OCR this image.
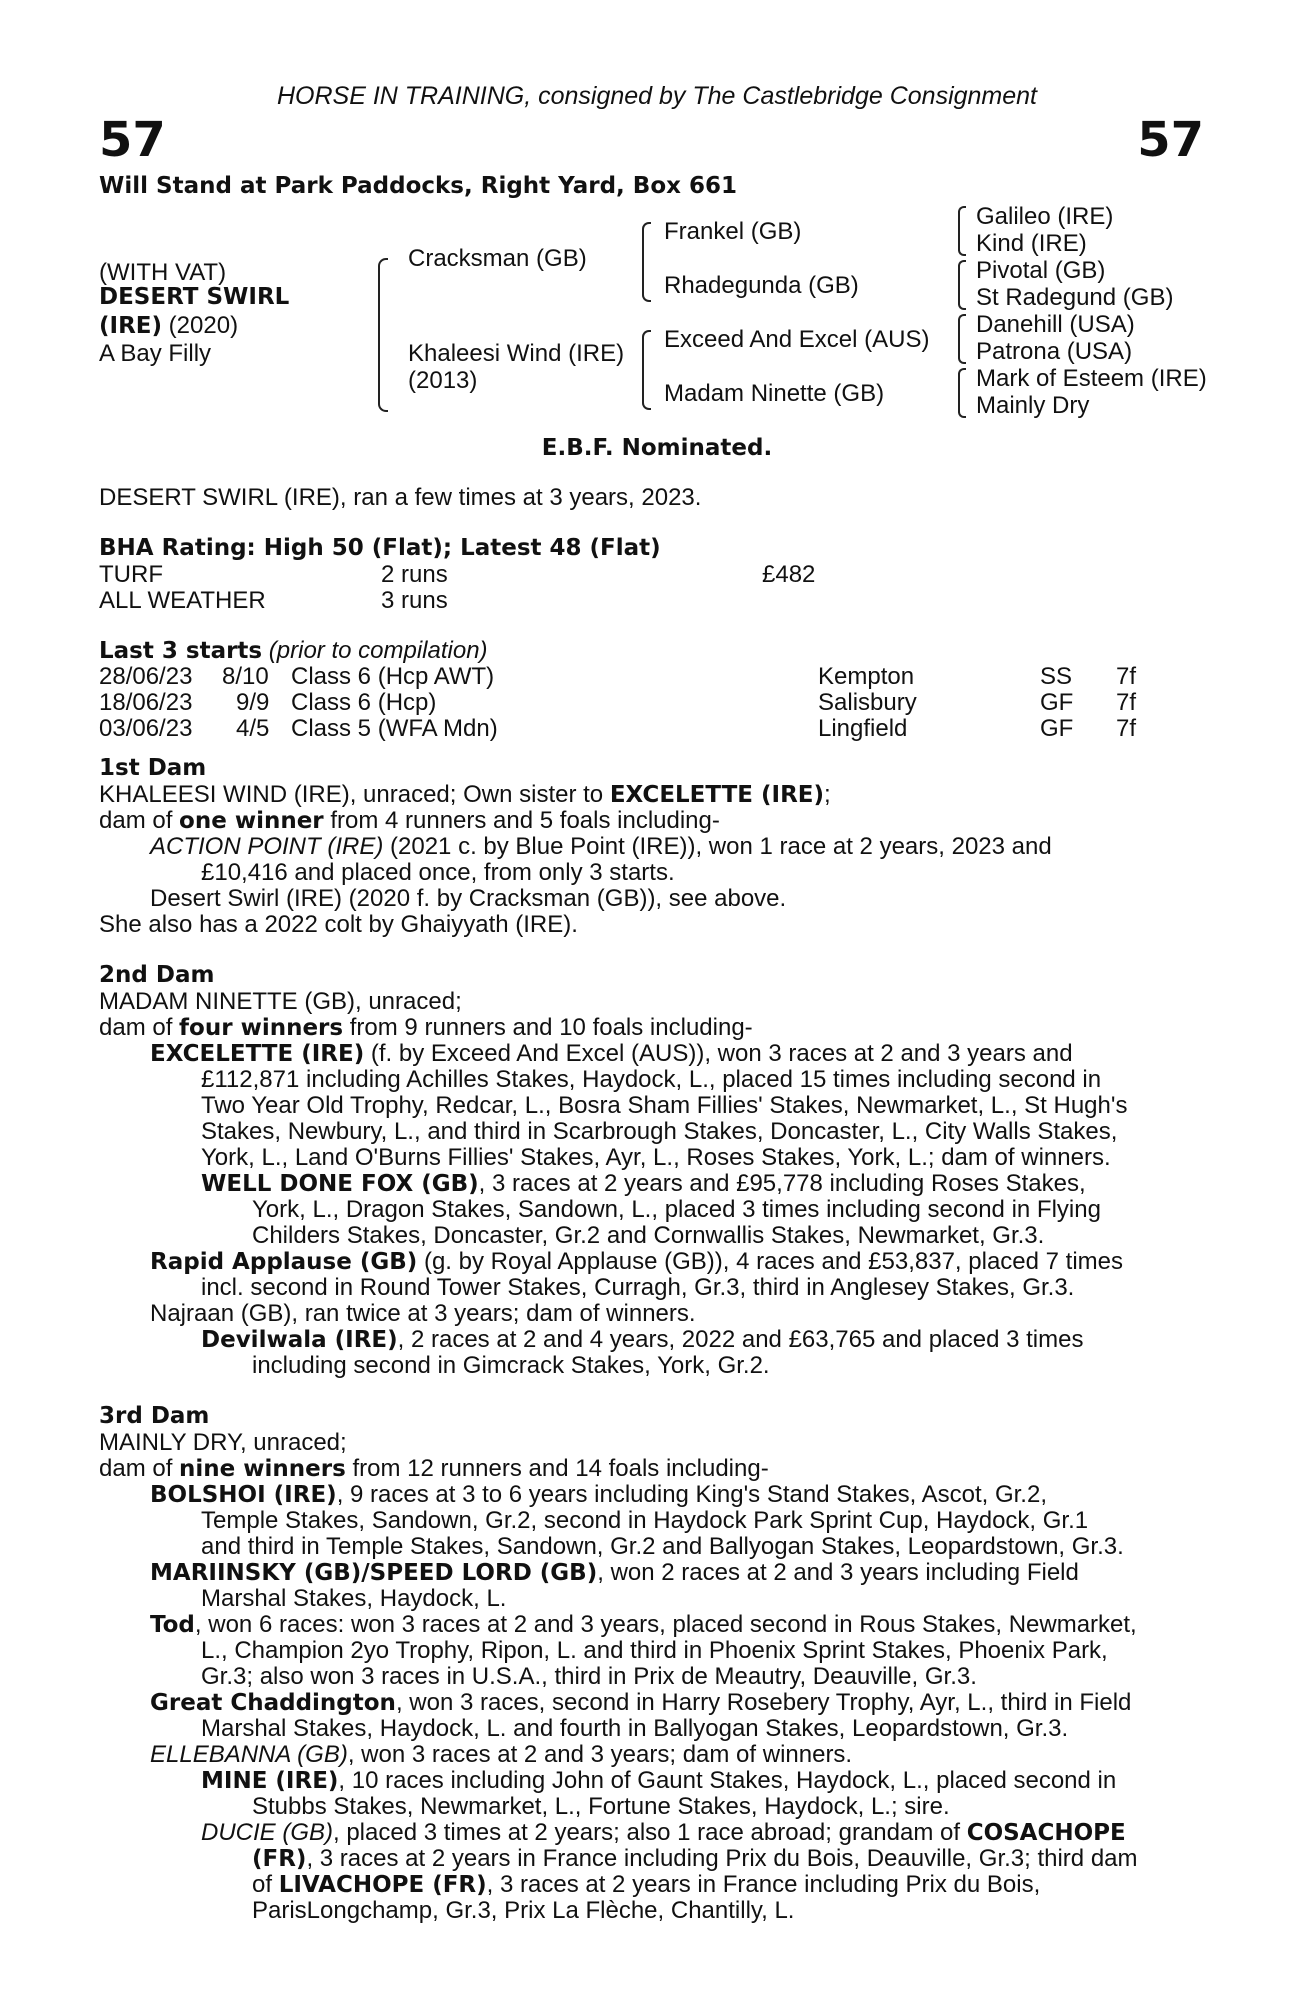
HORSE IN TRAINING, consigned by The Castlebridge Consignment
57	57
Will Stand at Park Paddocks, Right Yard, Box 661
(WITH VAT)
DESERT SWIRL
(IRE) (2020)
A Bay Filly
Cracksman (GB)
Khaleesi Wind (IRE)
(2013)
Frankel (GB)
Rhadegunda (GB)
Exceed And Excel (AUS)
Madam Ninette (GB)
Galileo (IRE)
Kind (IRE)
Pivotal (GB)
St Radegund (GB)
Danehill (USA)
Patrona (USA)
Mark of Esteem (IRE)
Mainly Dry
E.B.F. Nominated.
DESERT SWIRL (IRE), ran a few times at 3 years, 2023.
BHA Rating: High 50 (Flat); Latest 48 (Flat)
TURF	2 runs	£482
ALL WEATHER	3 runs
Last 3 starts (prior to compilation)
28/06/23 8/10 Class 6 (Hcp AWT)	Kempton	SS 7f
18/06/23 9/9 Class 6 (Hcp)	Salisbury	GF 7f
03/06/23 4/5 Class 5 (WFA Mdn)	Lingfield	GF 7f
1st Dam
KHALEESI WIND (IRE), unraced; Own sister to EXCELETTE (IRE);
dam of one winner from 4 runners and 5 foals including-
ACTION POINT (IRE) (2021 c. by Blue Point (IRE)), won 1 race at 2 years, 2023 and
£10,416 and placed once, from only 3 starts.
Desert Swirl (IRE) (2020 f. by Cracksman (GB)), see above.
She also has a 2022 colt by Ghaiyyath (IRE).
2nd Dam
MADAM NINETTE (GB), unraced;
dam of four winners from 9 runners and 10 foals including-
EXCELETTE (IRE) (f. by Exceed And Excel (AUS)), won 3 races at 2 and 3 years and
£112,871 including Achilles Stakes, Haydock, L., placed 15 times including second in
Two Year Old Trophy, Redcar, L., Bosra Sham Fillies' Stakes, Newmarket, L., St Hugh's
Stakes, Newbury, L., and third in Scarbrough Stakes, Doncaster, L., City Walls Stakes,
York, L., Land O'Burns Fillies' Stakes, Ayr, L., Roses Stakes, York, L.; dam of winners.
WELL DONE FOX (GB), 3 races at 2 years and £95,778 including Roses Stakes,
York, L., Dragon Stakes, Sandown, L., placed 3 times including second in Flying
Childers Stakes, Doncaster, Gr.2 and Cornwallis Stakes, Newmarket, Gr.3.
Rapid Applause (GB) (g. by Royal Applause (GB)), 4 races and £53,837, placed 7 times
incl. second in Round Tower Stakes, Curragh, Gr.3, third in Anglesey Stakes, Gr.3.
Najraan (GB), ran twice at 3 years; dam of winners.
Devilwala (IRE), 2 races at 2 and 4 years, 2022 and £63,765 and placed 3 times
including second in Gimcrack Stakes, York, Gr.2.
3rd Dam
MAINLY DRY, unraced;
dam of nine winners from 12 runners and 14 foals including-
BOLSHOI (IRE), 9 races at 3 to 6 years including King's Stand Stakes, Ascot, Gr.2,
Temple Stakes, Sandown, Gr.2, second in Haydock Park Sprint Cup, Haydock, Gr.1
and third in Temple Stakes, Sandown, Gr.2 and Ballyogan Stakes, Leopardstown, Gr.3.
MARIINSKY (GB)/SPEED LORD (GB), won 2 races at 2 and 3 years including Field
Marshal Stakes, Haydock, L.
Tod, won 6 races: won 3 races at 2 and 3 years, placed second in Rous Stakes, Newmarket,
L., Champion 2yo Trophy, Ripon, L. and third in Phoenix Sprint Stakes, Phoenix Park,
Gr.3; also won 3 races in U.S.A., third in Prix de Meautry, Deauville, Gr.3.
Great Chaddington, won 3 races, second in Harry Rosebery Trophy, Ayr, L., third in Field
Marshal Stakes, Haydock, L. and fourth in Ballyogan Stakes, Leopardstown, Gr.3.
ELLEBANNA (GB), won 3 races at 2 and 3 years; dam of winners.
MINE (IRE), 10 races including John of Gaunt Stakes, Haydock, L., placed second in
Stubbs Stakes, Newmarket, L., Fortune Stakes, Haydock, L.; sire.
DUCIE (GB), placed 3 times at 2 years; also 1 race abroad; grandam of COSACHOPE
(FR), 3 races at 2 years in France including Prix du Bois, Deauville, Gr.3; third dam
of LIVACHOPE (FR), 3 races at 2 years in France including Prix du Bois,
ParisLongchamp, Gr.3, Prix La Flèche, Chantilly, L.
